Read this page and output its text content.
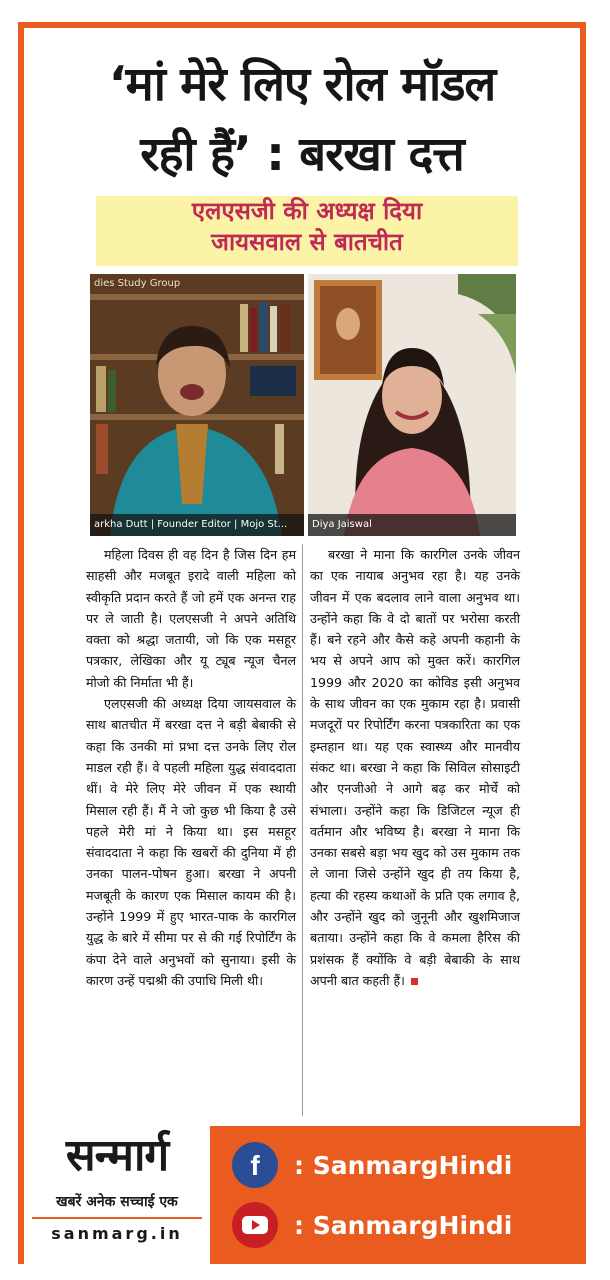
‘मां मेरे लिए रोल मॉडल
रही हैं’ : बरखा दत्त
एलएसजी की अध्यक्ष दिया
जायसवाल से बातचीत
dies Study Group
arkha Dutt | Founder Editor | Mojo St...	Diya Jaiswal

महिला दिवस ही वह दिन है जिस दिन हम साहसी और मजबूत इरादे वाली महिला को स्वीकृति प्रदान करते हैं जो हमें एक अनन्त राह पर ले जाती है। एलएसजी ने अपने अतिथि वक्ता को श्रद्धा जतायी, जो कि एक मसहूर पत्रकार, लेखिका और यू ट्यूब न्यूज चैनल मोजो की निर्माता भी हैं।

एलएसजी की अध्यक्ष दिया जायसवाल के साथ बातचीत में बरखा दत्त ने बड़ी बेबाकी से कहा कि उनकी मां प्रभा दत्त उनके लिए रोल माडल रही हैं। वे पहली महिला युद्ध संवाददाता थीं। वे मेरे लिए मेरे जीवन में एक स्थायी मिसाल रही हैं। मैं ने जो कुछ भी किया है उसे पहले मेरी मां ने किया था। इस मसहूर संवाददाता ने कहा कि खबरों की दुनिया में ही उनका पालन-पोषन हुआ। बरखा ने अपनी मजबूती के कारण एक मिसाल कायम की है। उन्होंने 1999 में हुए भारत-पाक के कारगिल युद्ध के बारे में सीमा पर से की गई रिपोर्टिंग के कंपा देने वाले अनुभवों को सुनाया। इसी के कारण उन्हें पद्मश्री की उपाधि मिली थी।

बरखा ने माना कि कारगिल उनके जीवन का एक नायाब अनुभव रहा है। यह उनके जीवन में एक बदलाव लाने वाला अनुभव था। उन्होंने कहा कि वे दो बातों पर भरोसा करती हैं। बने रहने और कैसे कहे अपनी कहानी के भय से अपने आप को मुक्त करें। कारगिल 1999 और 2020 का कोविड इसी अनुभव के साथ जीवन का एक मुकाम रहा है। प्रवासी मजदूरों पर रिपोर्टिंग करना पत्रकारिता का एक इम्तहान था। यह एक स्वास्थ्य और मानवीय संकट था। बरखा ने कहा कि सिविल सोसाइटी और एनजीओ ने आगे बढ़ कर मोर्चे को संभाला। उन्होंने कहा कि डिजिटल न्यूज ही वर्तमान और भविष्य है। बरखा ने माना कि उनका सबसे बड़ा भय खुद को उस मुकाम तक ले जाना जिसे उन्होंने खुद ही तय किया है, हत्या की रहस्य कथाओं के प्रति एक लगाव है, और उन्होंने खुद को जुनूनी और खुशमिजाज बताया। उन्होंने कहा कि वे कमला हैरिस की प्रशंसक हैं क्योंकि वे बड़ी बेबाकी के साथ अपनी बात कहती हैं।

सन्मार्ग
खबरें अनेक सच्चाई एक
sanmarg.in
f : SanmargHindi
: SanmargHindi
